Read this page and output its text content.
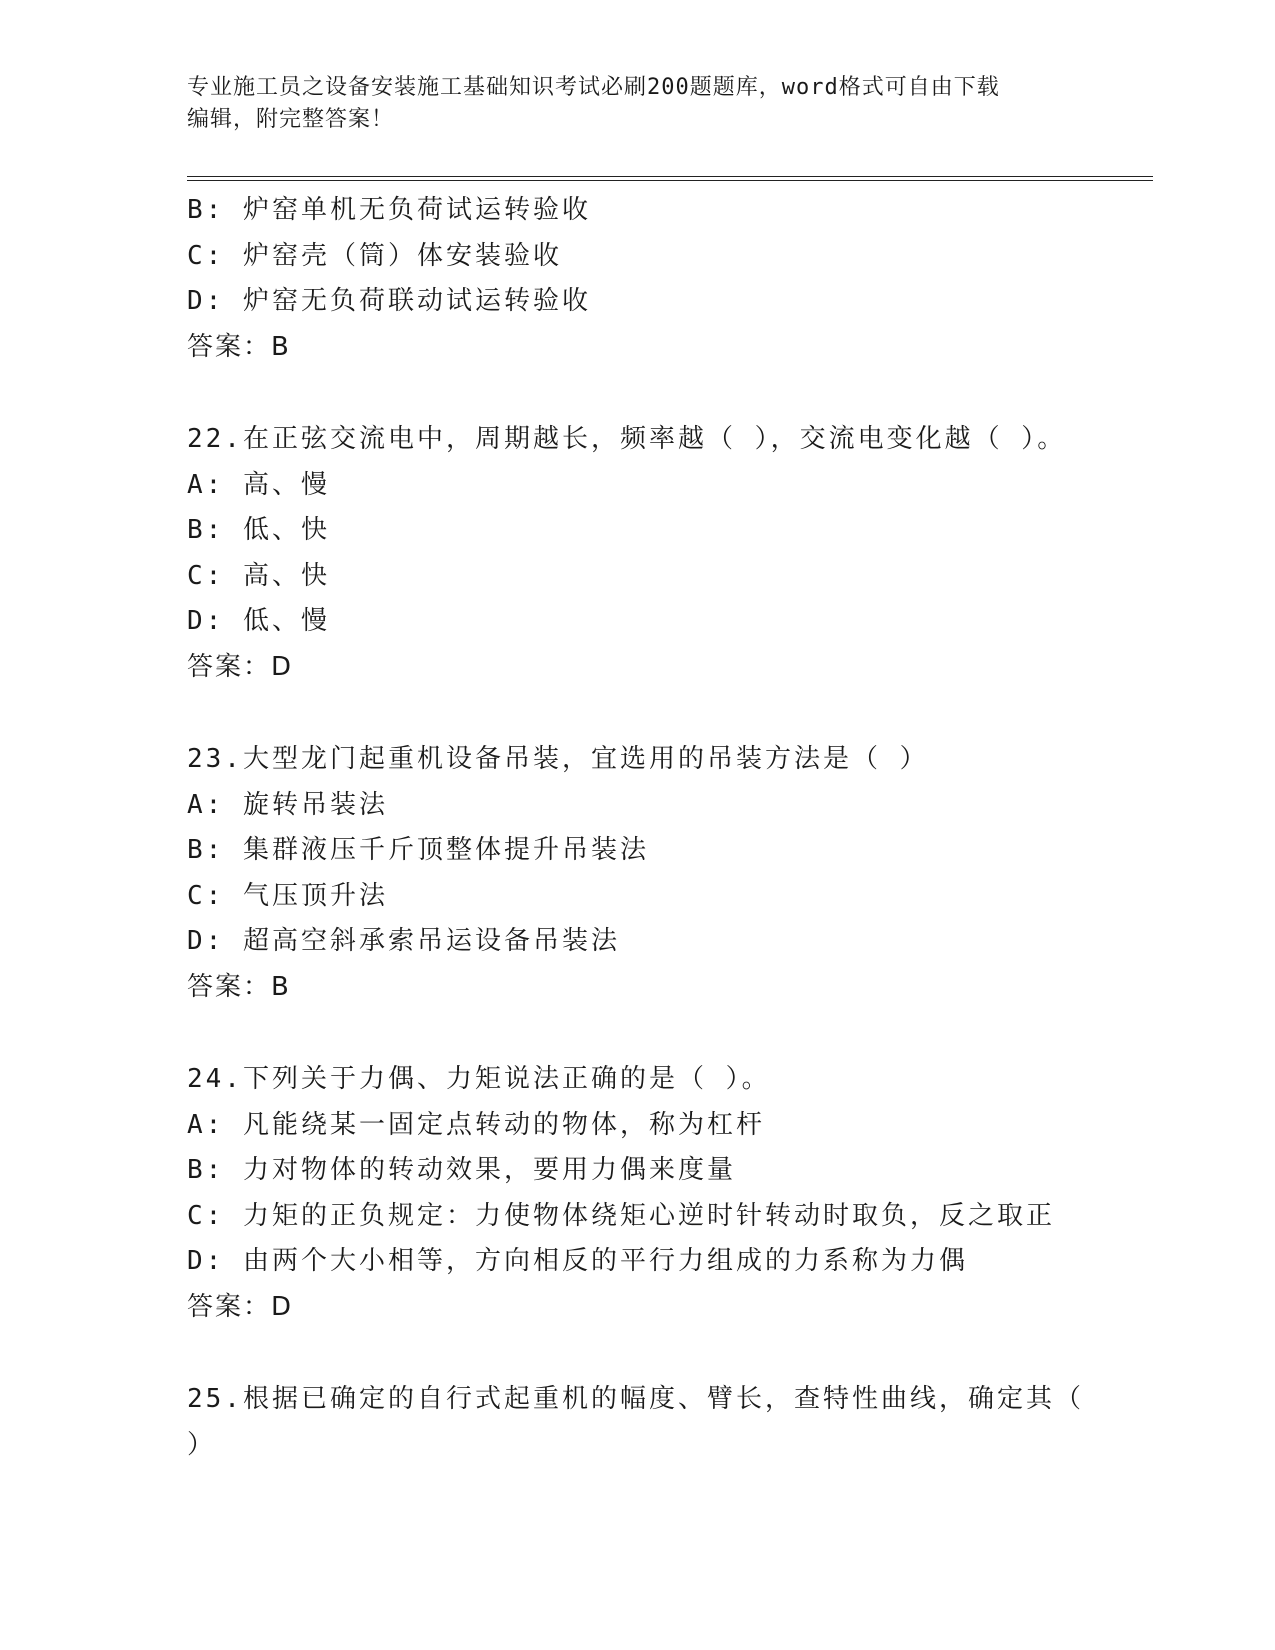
专业施工员之设备安装施工基础知识考试必刷200题题库，word格式可自由下载
编辑，附完整答案！
B: 炉窑单机无负荷试运转验收
C: 炉窑壳（筒）体安装验收
D: 炉窑无负荷联动试运转验收
答案：B
22.在正弦交流电中，周期越长，频率越（ ），交流电变化越（ ）。
A: 高、慢
B: 低、快
C: 高、快
D: 低、慢
答案：D
23.大型龙门起重机设备吊装，宜选用的吊装方法是（ ）
A: 旋转吊装法
B: 集群液压千斤顶整体提升吊装法
C: 气压顶升法
D: 超高空斜承索吊运设备吊装法
答案：B
24.下列关于力偶、力矩说法正确的是（ ）。
A: 凡能绕某一固定点转动的物体，称为杠杆
B: 力对物体的转动效果，要用力偶来度量
C: 力矩的正负规定：力使物体绕矩心逆时针转动时取负，反之取正
D: 由两个大小相等，方向相反的平行力组成的力系称为力偶
答案：D
25.根据已确定的自行式起重机的幅度、臂长，查特性曲线，确定其（
）
